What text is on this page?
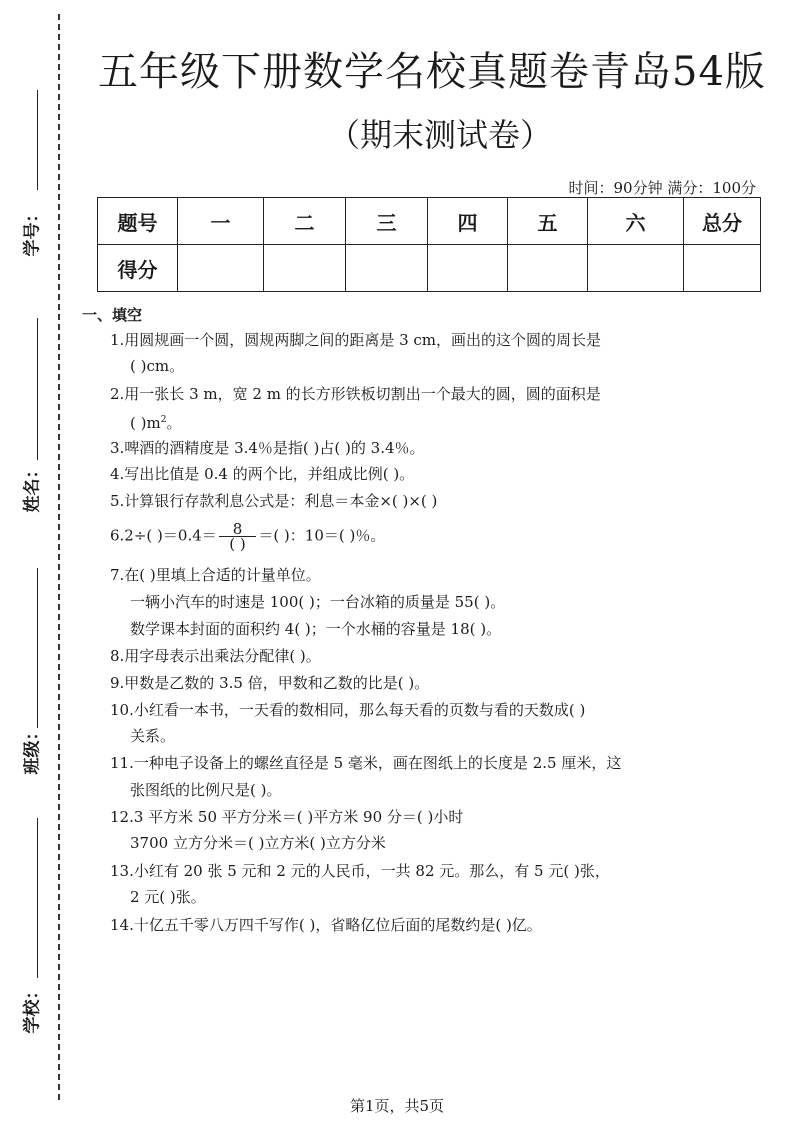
学号：
姓名：
班级：
学校：
五年级下册数学名校真题卷青岛54版
（期末测试卷）
时间：90分钟 满分：100分
题号	一	二	三	四	五	六	总分
得分							
一、填空
1.用圆规画一个圆，圆规两脚之间的距离是 3 cm，画出的这个圆的周长是
( )cm。
2.用一张长 3 m，宽 2 m 的长方形铁板切割出一个最大的圆，圆的面积是
( )$m^2$。
3.啤酒的酒精度是 3.4％是指( )占( )的 3.4％。
4.写出比值是 0.4 的两个比，并组成比例( )。
5.计算银行存款利息公式是：利息＝本金×( )×( )
6.2÷( )$=0.4= \frac{8}{( )}$ ＝( )：10＝( )％。
7.在( )里填上合适的计量单位。
一辆小汽车的时速是 100( )；一台冰箱的质量是 55( )。
数学课本封面的面积约 4( )；一个水桶的容量是 18( )。
8.用字母表示出乘法分配律( )。
9.甲数是乙数的 3.5 倍，甲数和乙数的比是( )。
10.小红看一本书，一天看的数相同，那么每天看的页数与看的天数成( )
关系。
11.一种电子设备上的螺丝直径是 5 毫米，画在图纸上的长度是 2.5 厘米，这
张图纸的比例尺是( )。
12.3 平方米 50 平方分米＝( )平方米 90 分＝( )小时
3700 立方分米＝( )立方米( )立方分米
13.小红有 20 张 5 元和 2 元的人民币，一共 82 元。那么，有 5 元( )张，
2 元( )张。
14.十亿五千零八万四千写作( )，省略亿位后面的尾数约是( )亿。
第1页，共5页
